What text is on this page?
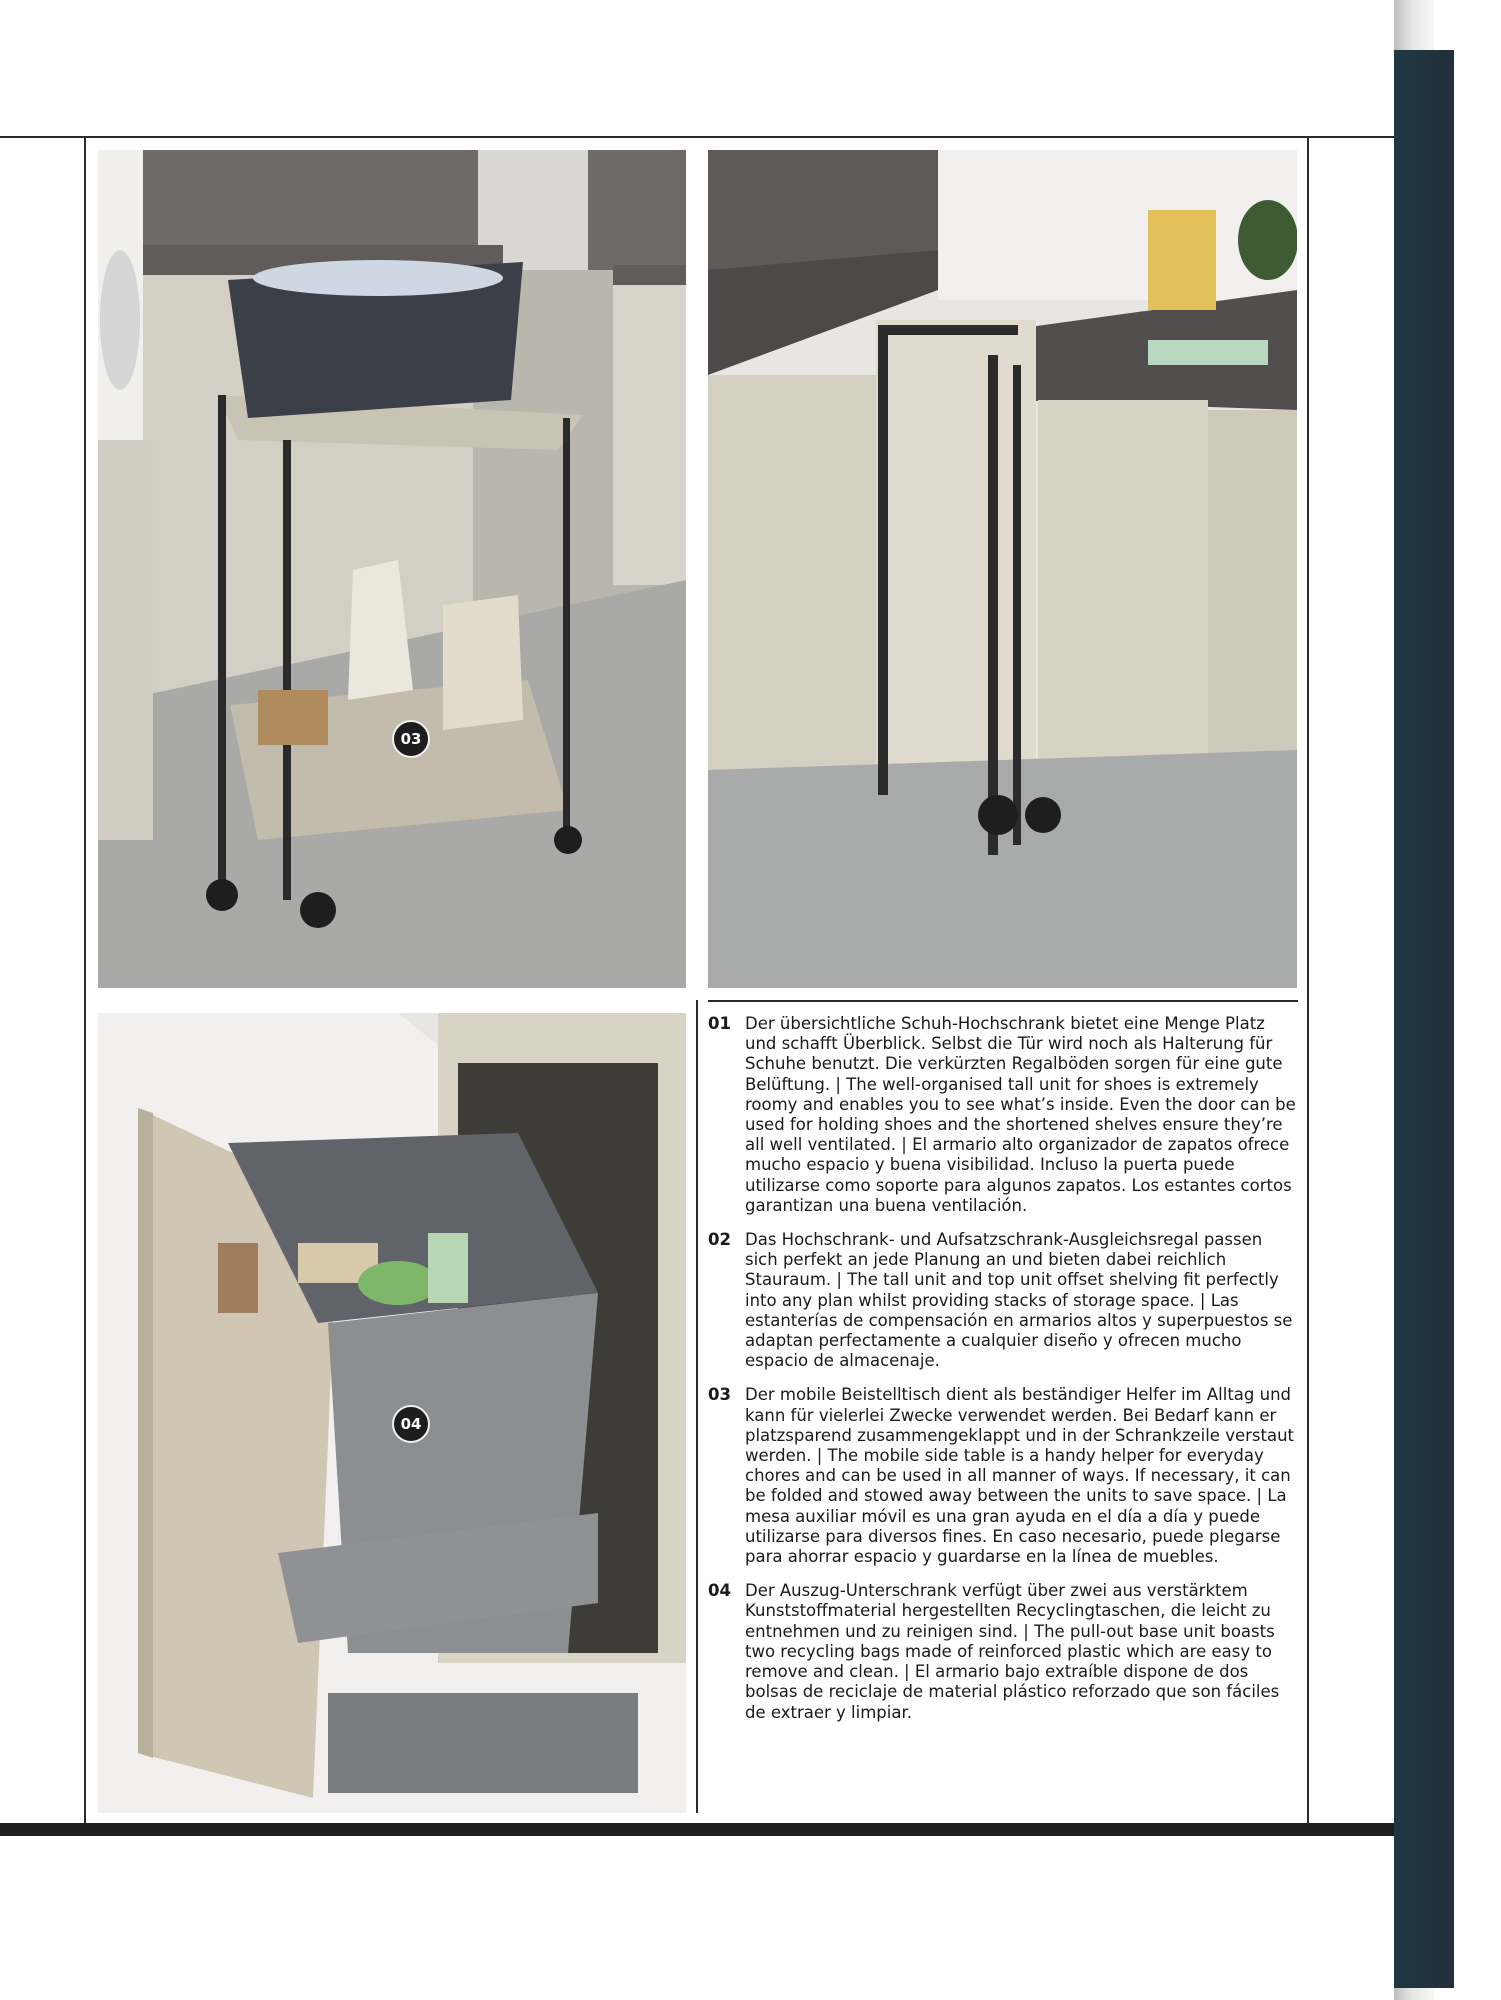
03
04
01 Der übersichtliche Schuh-Hochschrank bietet eine Menge Platz und schafft Überblick. Selbst die Tür wird noch als Halterung für Schuhe benutzt. Die verkürzten Regalböden sorgen für eine gute Belüftung. | The well-organised tall unit for shoes is extremely roomy and enables you to see what’s inside. Even the door can be used for holding shoes and the shortened shelves ensure they’re all well ventilated. | El armario alto organizador de zapatos ofrece mucho espacio y buena visibilidad. Incluso la puerta puede utilizarse como soporte para algunos zapatos. Los estantes cortos garantizan una buena ventilación.
02 Das Hochschrank- und Aufsatzschrank-Ausgleichsregal passen sich perfekt an jede Planung an und bieten dabei reichlich Stauraum. | The tall unit and top unit offset shelving fit perfectly into any plan whilst providing stacks of storage space. | Las estanterías de compensación en armarios altos y superpuestos se adaptan perfectamente a cualquier diseño y ofrecen mucho espacio de almacenaje.
03 Der mobile Beistelltisch dient als beständiger Helfer im Alltag und kann für vielerlei Zwecke verwendet werden. Bei Bedarf kann er platzsparend zusammengeklappt und in der Schrankzeile verstaut werden. | The mobile side table is a handy helper for everyday chores and can be used in all manner of ways. If necessary, it can be folded and stowed away between the units to save space. | La mesa auxiliar móvil es una gran ayuda en el día a día y puede utilizarse para diversos fines. En caso necesario, puede plegarse para ahorrar espacio y guardarse en la línea de muebles.
04 Der Auszug-Unterschrank verfügt über zwei aus verstärktem Kunststoffmaterial hergestellten Recyclingtaschen, die leicht zu entnehmen und zu reinigen sind. | The pull-out base unit boasts two recycling bags made of reinforced plastic which are easy to remove and clean. | El armario bajo extraíble dispone de dos bolsas de reciclaje de material plástico reforzado que son fáciles de extraer y limpiar.
